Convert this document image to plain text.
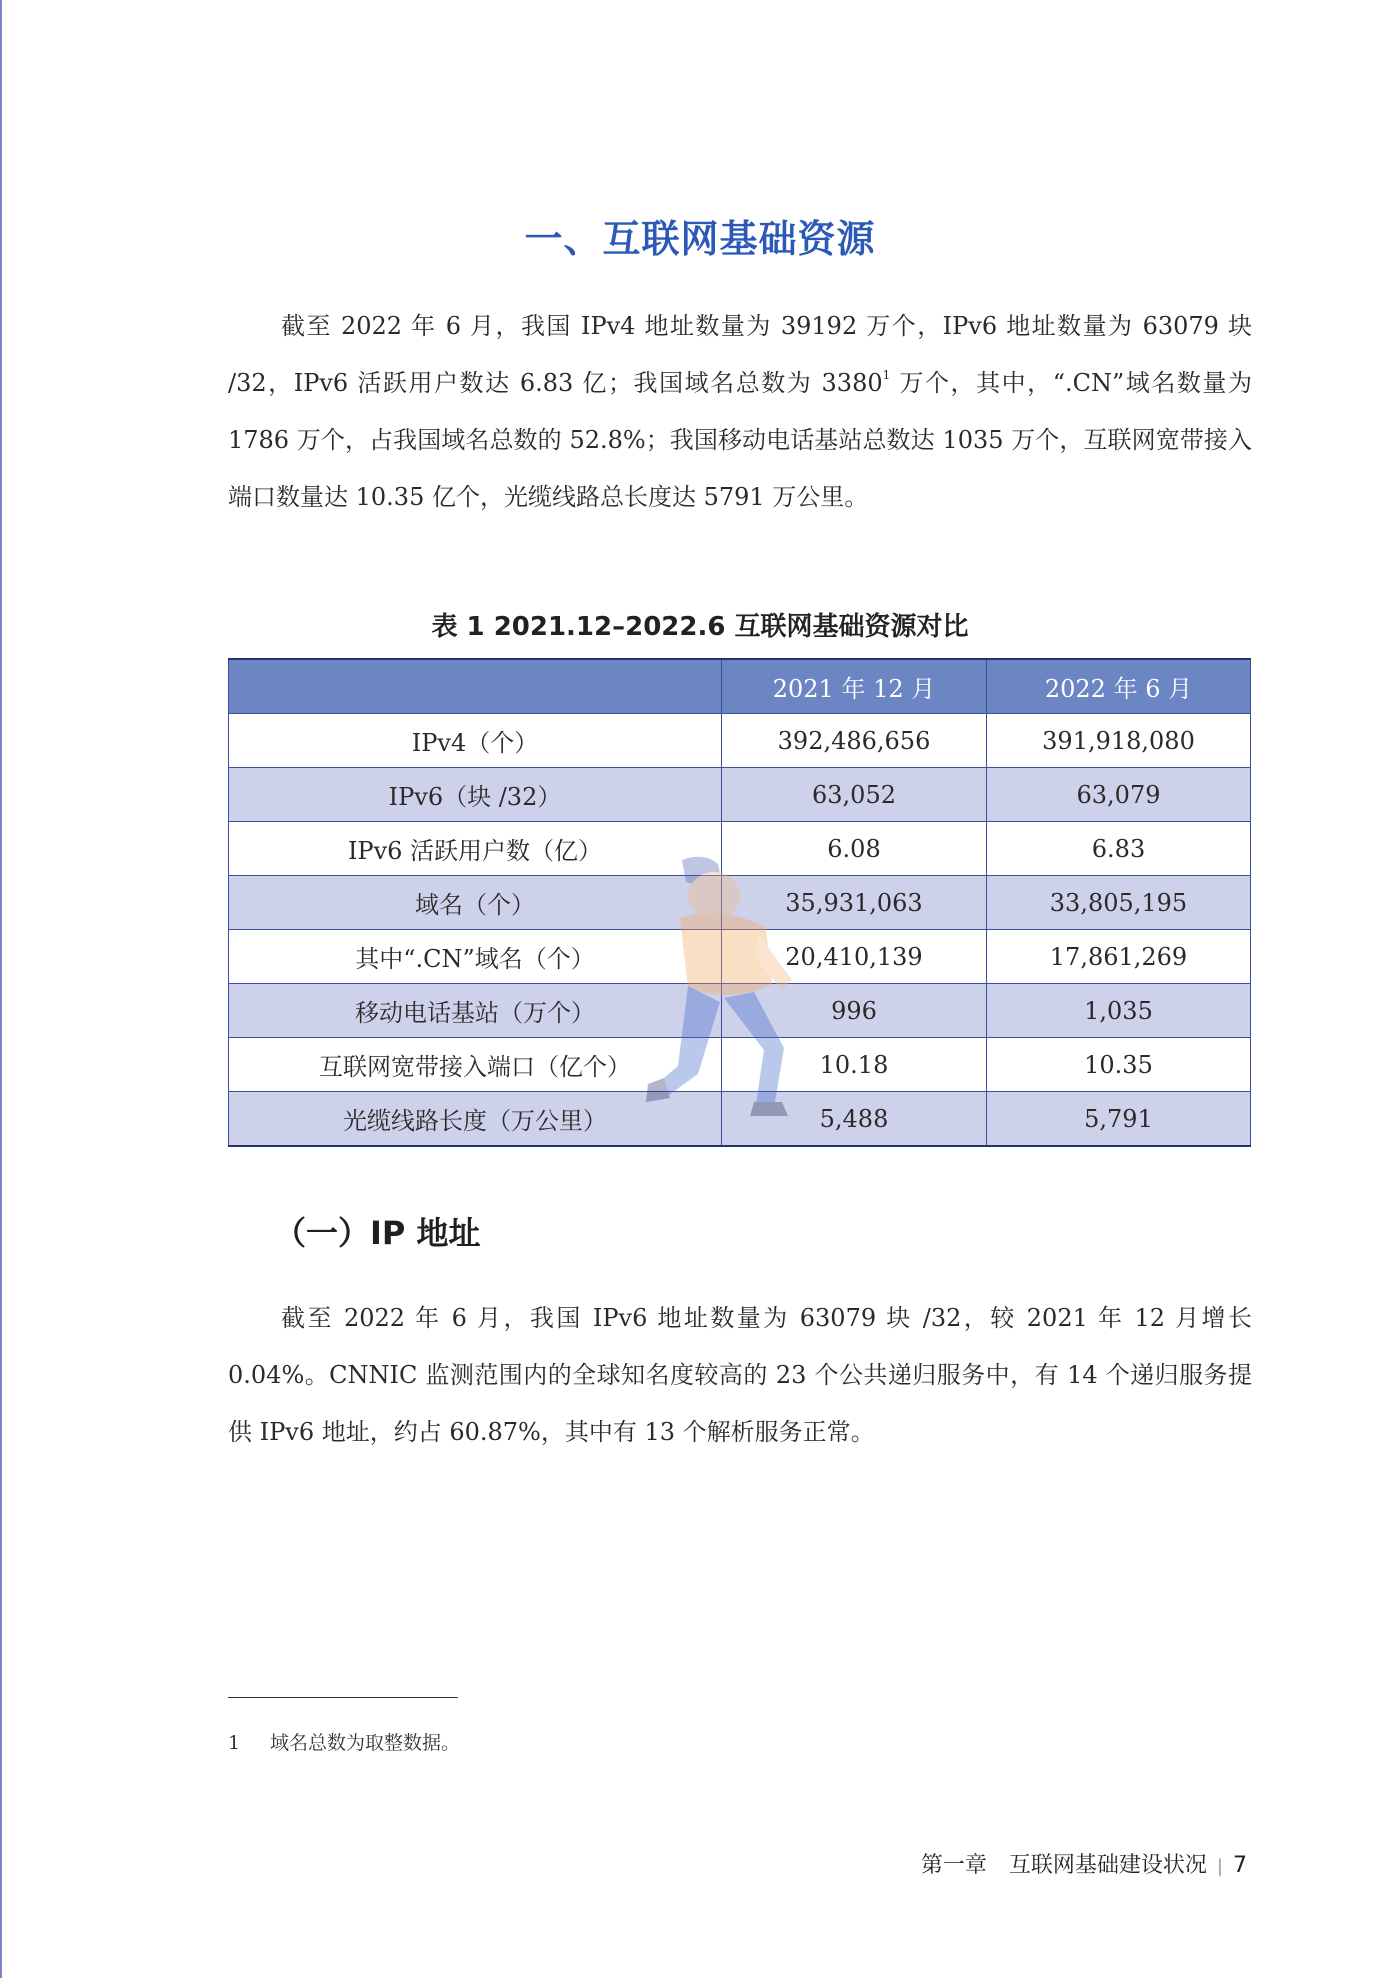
一、互联网基础资源

截至 2022 年 6 月，我国 IPv4 地址数量为 39192 万个，IPv6 地址数量为 63079 块 /32，IPv6 活跃用户数达 6.83 亿；我国域名总数为 3380$^1$ 万个，其中，“.CN”域名数量为 1786 万个，占我国域名总数的 52.8%；我国移动电话基站总数达 1035 万个，互联网宽带接入端口数量达 10.35 亿个，光缆线路总长度达 5791 万公里。

表 1 2021.12–2022.6 互联网基础资源对比
	2021 年 12 月	2022 年 6 月
IPv4（个）	392,486,656	391,918,080
IPv6（块 /32）	63,052	63,079
IPv6 活跃用户数（亿）	6.08	6.83
域名（个）	35,931,063	33,805,195
其中“.CN”域名（个）	20,410,139	17,861,269
移动电话基站（万个）	996	1,035
互联网宽带接入端口（亿个）	10.18	10.35
光缆线路长度（万公里）	5,488	5,791
（一）IP 地址

截至 2022 年 6 月，我国 IPv6 地址数量为 63079 块 /32，较 2021 年 12 月增长 0.04%。CNNIC 监测范围内的全球知名度较高的 23 个公共递归服务中，有 14 个递归服务提供 IPv6 地址，约占 60.87%，其中有 13 个解析服务正常。

1 域名总数为取整数据。
第一章　互联网基础建设状况 | 7
